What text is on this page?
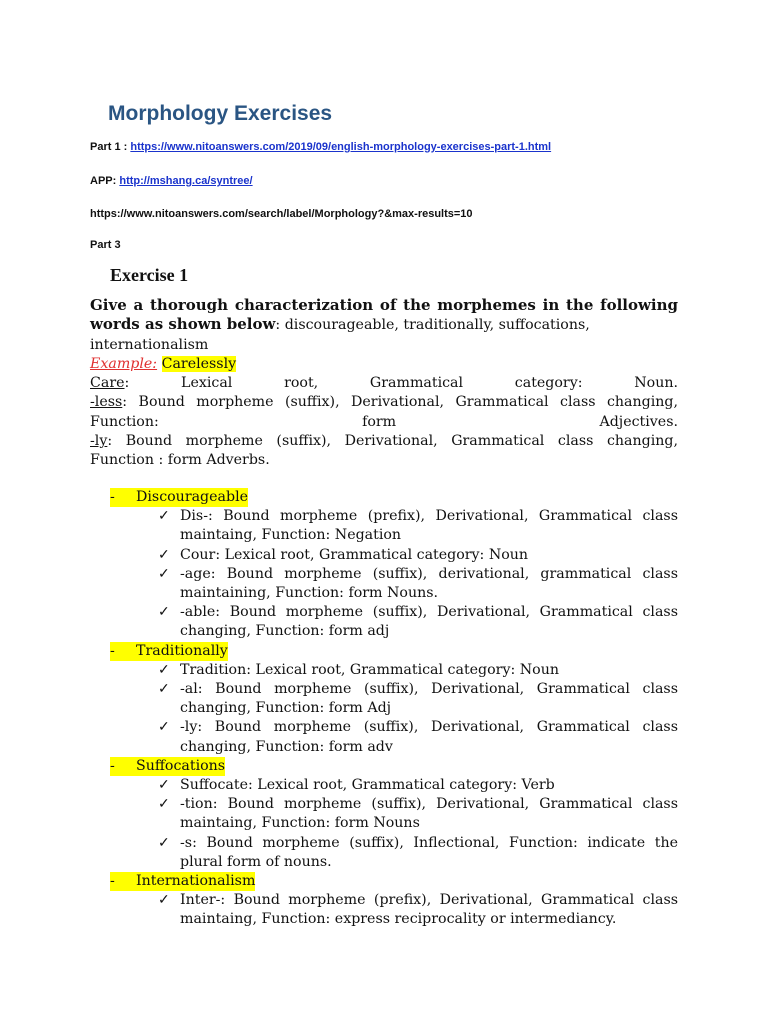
Morphology Exercises
Part 1 : https://www.nitoanswers.com/2019/09/english-morphology-exercises-part-1.html
APP: http://mshang.ca/syntree/
https://www.nitoanswers.com/search/label/Morphology?&max-results=10
Part 3
Exercise 1
Give a thorough characterization of the morphemes in the following
words as shown below: discourageable, traditionally, suffocations,
internationalism
Example: Carelessly
Care: Lexical root, Grammatical category: Noun.
-less: Bound morpheme (suffix), Derivational, Grammatical class changing,
Function: form Adjectives.
-ly: Bound morpheme (suffix), Derivational, Grammatical class changing,
Function : form Adverbs.
- Discourageable
✓ Dis-: Bound morpheme (prefix), Derivational, Grammatical class
maintaing, Function: Negation
✓ Cour: Lexical root, Grammatical category: Noun
✓ -age: Bound morpheme (suffix), derivational, grammatical class
maintaining, Function: form Nouns.
✓ -able: Bound morpheme (suffix), Derivational, Grammatical class
changing, Function: form adj
- Traditionally
✓ Tradition: Lexical root, Grammatical category: Noun
✓ -al: Bound morpheme (suffix), Derivational, Grammatical class
changing, Function: form Adj
✓ -ly: Bound morpheme (suffix), Derivational, Grammatical class
changing, Function: form adv
- Suffocations
✓ Suffocate: Lexical root, Grammatical category: Verb
✓ -tion: Bound morpheme (suffix), Derivational, Grammatical class
maintaing, Function: form Nouns
✓ -s: Bound morpheme (suffix), Inflectional, Function: indicate the
plural form of nouns.
- Internationalism
✓ Inter-: Bound morpheme (prefix), Derivational, Grammatical class
maintaing, Function: express reciprocality or intermediancy.
